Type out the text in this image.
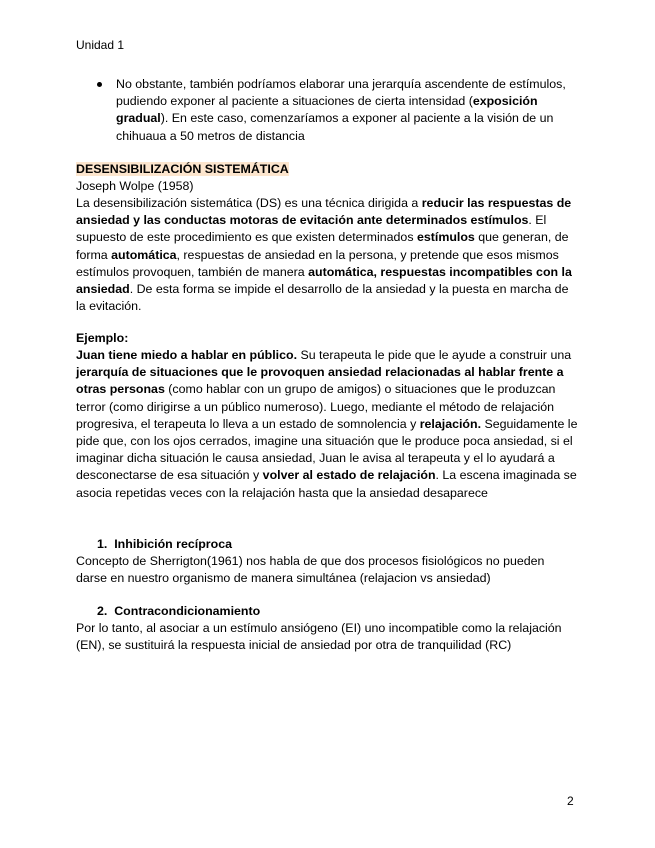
Unidad 1

No obstante, también podríamos elaborar una jerarquía ascendente de estímulos, pudiendo exponer al paciente a situaciones de cierta intensidad (exposición gradual). En este caso, comenzaríamos a exponer al paciente a la visión de un chihuaua a 50 metros de distancia

DESENSIBILIZACIÓN SISTEMÁTICA
Joseph Wolpe (1958)

La desensibilización sistemática (DS) es una técnica dirigida a reducir las respuestas de ansiedad y las conductas motoras de evitación ante determinados estímulos. El supuesto de este procedimiento es que existen determinados estímulos que generan, de forma automática, respuestas de ansiedad en la persona, y pretende que esos mismos estímulos provoquen, también de manera automática, respuestas incompatibles con la ansiedad. De esta forma se impide el desarrollo de la ansiedad y la puesta en marcha de la evitación.

Ejemplo:

Juan tiene miedo a hablar en público. Su terapeuta le pide que le ayude a construir una jerarquía de situaciones que le provoquen ansiedad relacionadas al hablar frente a otras personas (como hablar con un grupo de amigos) o situaciones que le produzcan terror (como dirigirse a un público numeroso). Luego, mediante el método de relajación progresiva, el terapeuta lo lleva a un estado de somnolencia y relajación. Seguidamente le pide que, con los ojos cerrados, imagine una situación que le produce poca ansiedad, si el imaginar dicha situación le causa ansiedad, Juan le avisa al terapeuta y el lo ayudará a desconectarse de esa situación y volver al estado de relajación. La escena imaginada se asocia repetidas veces con la relajación hasta que la ansiedad desaparece

1. Inhibición recíproca

Concepto de Sherrigton(1961) nos habla de que dos procesos fisiológicos no pueden darse en nuestro organismo de manera simultánea (relajacion vs ansiedad)

2. Contracondicionamiento

Por lo tanto, al asociar a un estímulo ansiógeno (EI) uno incompatible como la relajación (EN), se sustituirá la respuesta inicial de ansiedad por otra de tranquilidad (RC)

2
